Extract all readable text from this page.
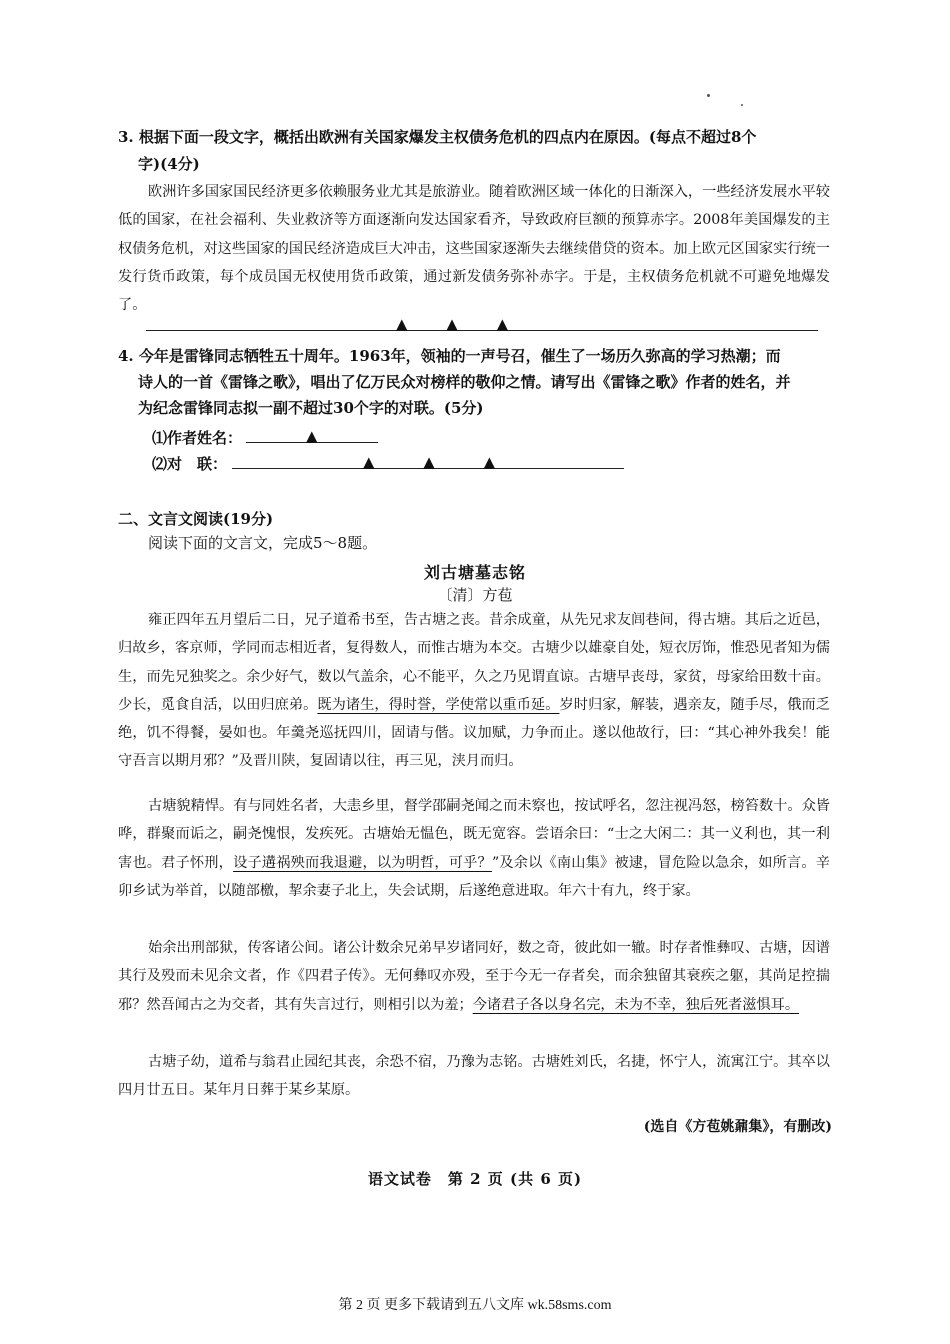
3. 根据下面一段文字，概括出欧洲有关国家爆发主权债务危机的四点内在原因。(每点不超过8个
字)(4分)
欧洲许多国家国民经济更多依赖服务业尤其是旅游业。随着欧洲区域一体化的日渐深入，一些经济发展水平较低的国家，在社会福利、失业救济等方面逐渐向发达国家看齐，导致政府巨额的预算赤字。2008年美国爆发的主权债务危机，对这些国家的国民经济造成巨大冲击，这些国家逐渐失去继续借贷的资本。加上欧元区国家实行统一发行货币政策，每个成员国无权使用货币政策，通过新发债务弥补赤字。于是，主权债务危机就不可避免地爆发了。
▲ ▲ ▲
4. 今年是雷锋同志牺牲五十周年。1963年，领袖的一声号召，催生了一场历久弥高的学习热潮；而
诗人的一首《雷锋之歌》，唱出了亿万民众对榜样的敬仰之情。请写出《雷锋之歌》作者的姓名，并
为纪念雷锋同志拟一副不超过30个字的对联。(5分)
⑴作者姓名：	▲
⑵对　联：	▲ ▲ ▲
二、文言文阅读(19分)
阅读下面的文言文，完成5～8题。
刘古塘墓志铭
〔清〕方苞
雍正四年五月望后二日，兄子道希书至，告古塘之丧。昔余成童，从先兄求友闾巷间，得古塘。其后之近邑，归故乡，客京师，学同而志相近者，复得数人，而惟古塘为本交。古塘少以雄豪自处，短衣厉饰，惟恐见者知为儒生，而先兄独奖之。余少好气，数以气盖余，心不能平，久之乃见谓直谅。古塘早丧母，家贫，母家给田数十亩。少长，觅食自活，以田归庶弟。既为诸生，得时誉，学使常以重币延。岁时归家，解装，遇亲友，随手尽，俄而乏绝，饥不得餐，晏如也。年羹尧巡抚四川，固请与偕。议加赋，力争而止。遂以他故行，曰：“其心神外我矣！能守吾言以期月邪？”及晋川陕，复固请以往，再三见，浃月而归。
古塘貌精悍。有与同姓名者，大恚乡里，督学邵嗣尧闻之而未察也，按试呼名，忽注视冯怒，榜笞数十。众皆哗，群聚而诟之，嗣尧愧恨，发疾死。古塘始无愠色，既无宽容。尝语余曰：“士之大闲二：其一义利也，其一利害也。君子怀刑，设子遘祸殃而我退避，以为明哲，可乎？”及余以《南山集》被逮，冒危险以急余，如所言。辛卯乡试为举首，以随部檄，挈余妻子北上，失会试期，后遂绝意进取。年六十有九，终于家。
始余出刑部狱，传客诸公间。诸公计数余兄弟早岁诸同好，数之奇，彼此如一辙。时存者惟彝叹、古塘，因谱其行及殁而未见余文者，作《四君子传》。无何彝叹亦殁，至于今无一存者矣，而余独留其衰疾之躯，其尚足控揣邪？然吾闻古之为交者，其有失言过行，则相引以为羞；今诸君子各以身名完，未为不幸，独后死者滋惧耳。
古塘子幼，道希与翁君止园纪其丧，余恐不宿，乃豫为志铭。古塘姓刘氏，名捷，怀宁人，流寓江宁。其卒以四月廿五日。某年月日葬于某乡某原。
(选自《方苞姚鼐集》，有删改)
语文试卷　第 2 页 (共 6 页)
第 2 页 更多下载请到五八文库 wk.58sms.com
